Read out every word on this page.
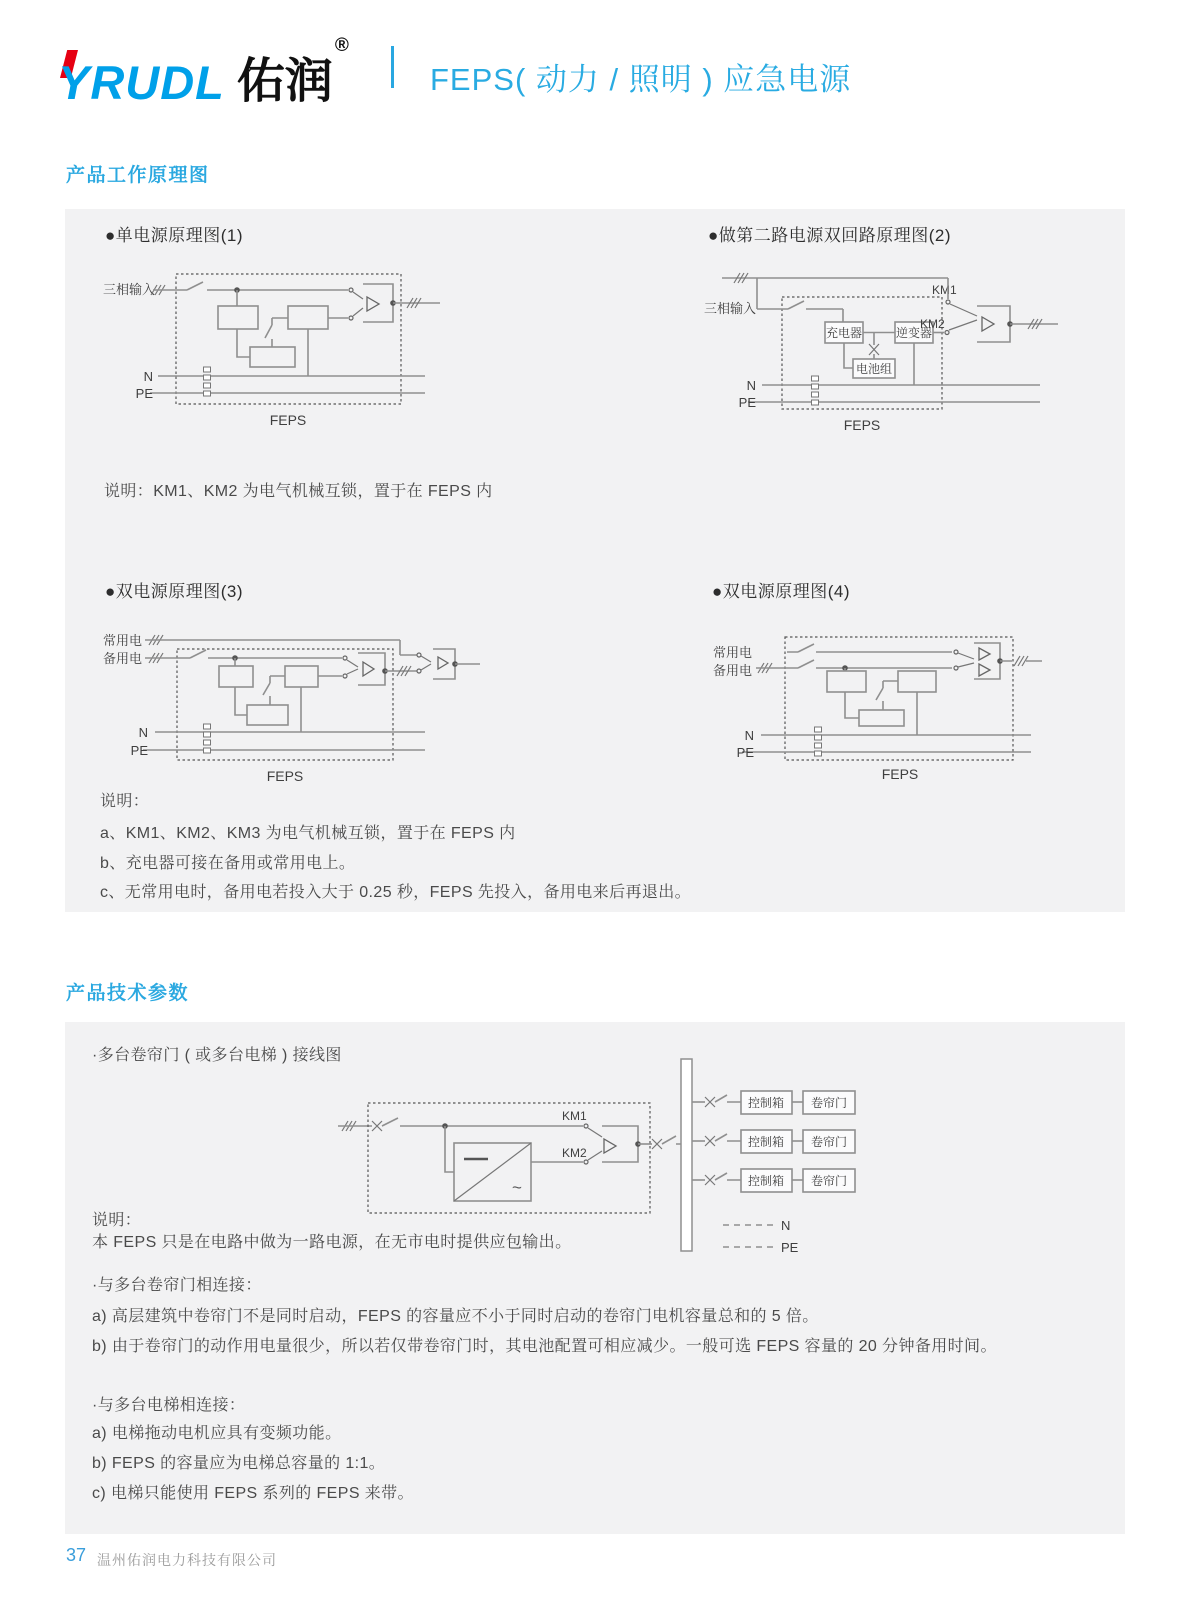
YRUDL 佑润
®
FEPS( 动力 / 照明 ) 应急电源
产品工作原理图
●单电源原理图(1)	●做第二路电源双回路原理图(2)
三相输入
N
PE
FEPS
三相输入
充电器	逆变器
电池组
KM1
KM2
N
PE
FEPS
说明：KM1、KM2 为电气机械互锁，置于在 FEPS 内
●双电源原理图(3)	●双电源原理图(4)
常用电
备用电
N
PE
FEPS
常用电
备用电
N
PE
FEPS
说明：
a、KM1、KM2、KM3 为电气机械互锁，置于在 FEPS 内
b、充电器可接在备用或常用电上。
c、无常用电时，备用电若投入大于 0.25 秒，FEPS 先投入，备用电来后再退出。
产品技术参数
·多台卷帘门 ( 或多台电梯 ) 接线图
~
KM1
KM2
控制箱 卷帘门
控制箱 卷帘门
控制箱 卷帘门
N
PE
说明：
本 FEPS 只是在电路中做为一路电源，在无市电时提供应包输出。
·与多台卷帘门相连接：
a) 高层建筑中卷帘门不是同时启动，FEPS 的容量应不小于同时启动的卷帘门电机容量总和的 5 倍。
b) 由于卷帘门的动作用电量很少，所以若仅带卷帘门时，其电池配置可相应减少。一般可选 FEPS 容量的 20 分钟备用时间。
·与多台电梯相连接：
a) 电梯拖动电机应具有变频功能。
b) FEPS 的容量应为电梯总容量的 1:1。
c) 电梯只能使用 FEPS 系列的 FEPS 来带。
37 温州佑润电力科技有限公司
